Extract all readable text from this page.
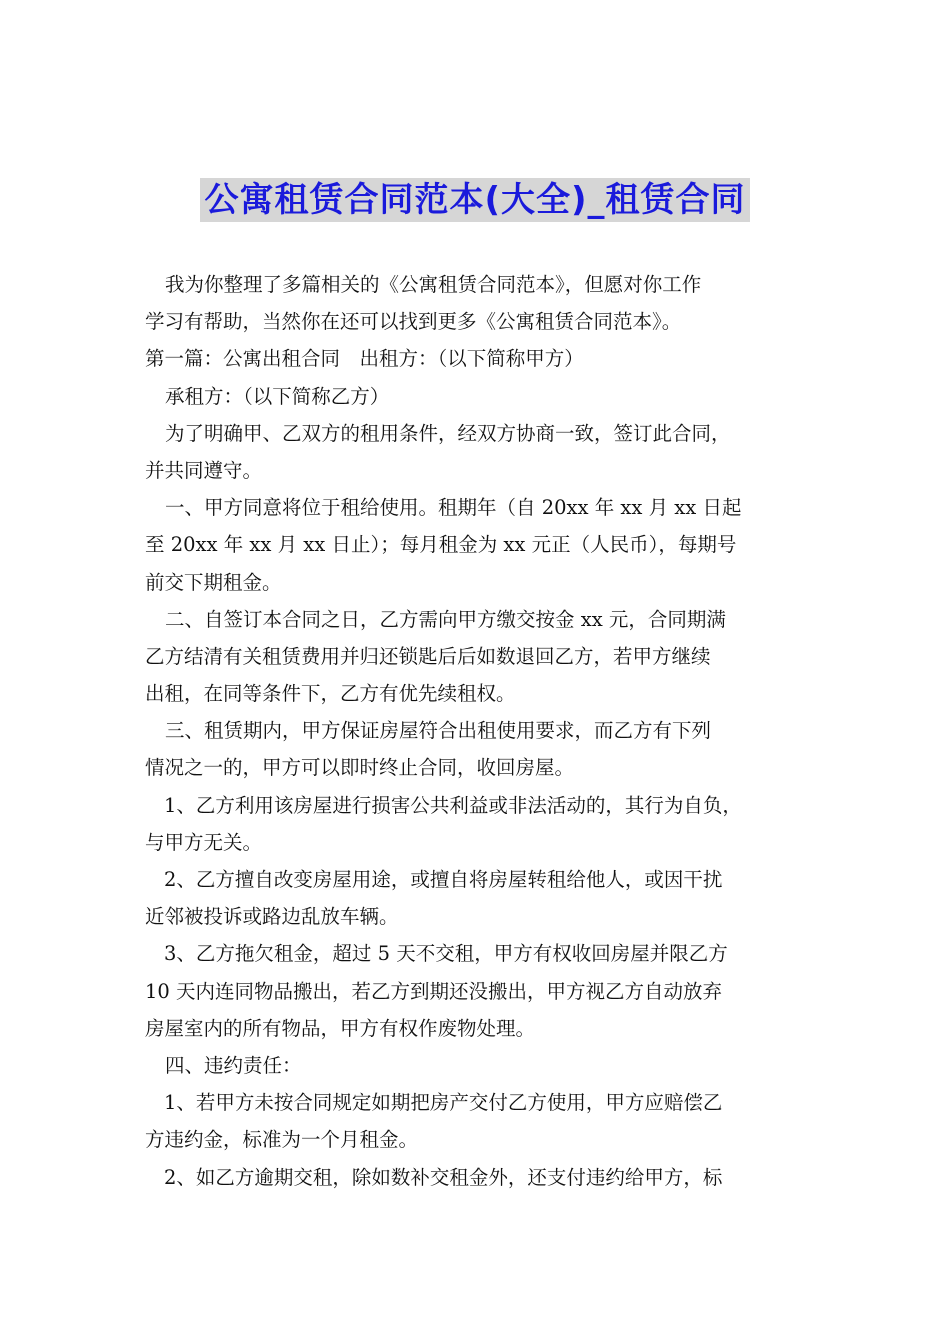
公寓租赁合同范本(大全)_租赁合同
我为你整理了多篇相关的《公寓租赁合同范本》，但愿对你工作
学习有帮助，当然你在还可以找到更多《公寓租赁合同范本》。
第一篇：公寓出租合同　出租方：（以下简称甲方）
承租方：（以下简称乙方）
为了明确甲、乙双方的租用条件，经双方协商一致，签订此合同，
并共同遵守。
一、甲方同意将位于租给使用。租期年（自 20xx 年 xx 月 xx 日起
至 20xx 年 xx 月 xx 日止）；每月租金为 xx 元正（人民币），每期号
前交下期租金。
二、自签订本合同之日，乙方需向甲方缴交按金 xx 元，合同期满
乙方结清有关租赁费用并归还锁匙后后如数退回乙方，若甲方继续
出租，在同等条件下，乙方有优先续租权。
三、租赁期内，甲方保证房屋符合出租使用要求，而乙方有下列
情况之一的，甲方可以即时终止合同，收回房屋。
1、乙方利用该房屋进行损害公共利益或非法活动的，其行为自负，
与甲方无关。
2、乙方擅自改变房屋用途，或擅自将房屋转租给他人，或因干扰
近邻被投诉或路边乱放车辆。
3、乙方拖欠租金，超过 5 天不交租，甲方有权收回房屋并限乙方
10 天内连同物品搬出，若乙方到期还没搬出，甲方视乙方自动放弃
房屋室内的所有物品，甲方有权作废物处理。
四、违约责任：
1、若甲方未按合同规定如期把房产交付乙方使用，甲方应赔偿乙
方违约金，标准为一个月租金。
2、如乙方逾期交租，除如数补交租金外，还支付违约给甲方，标
